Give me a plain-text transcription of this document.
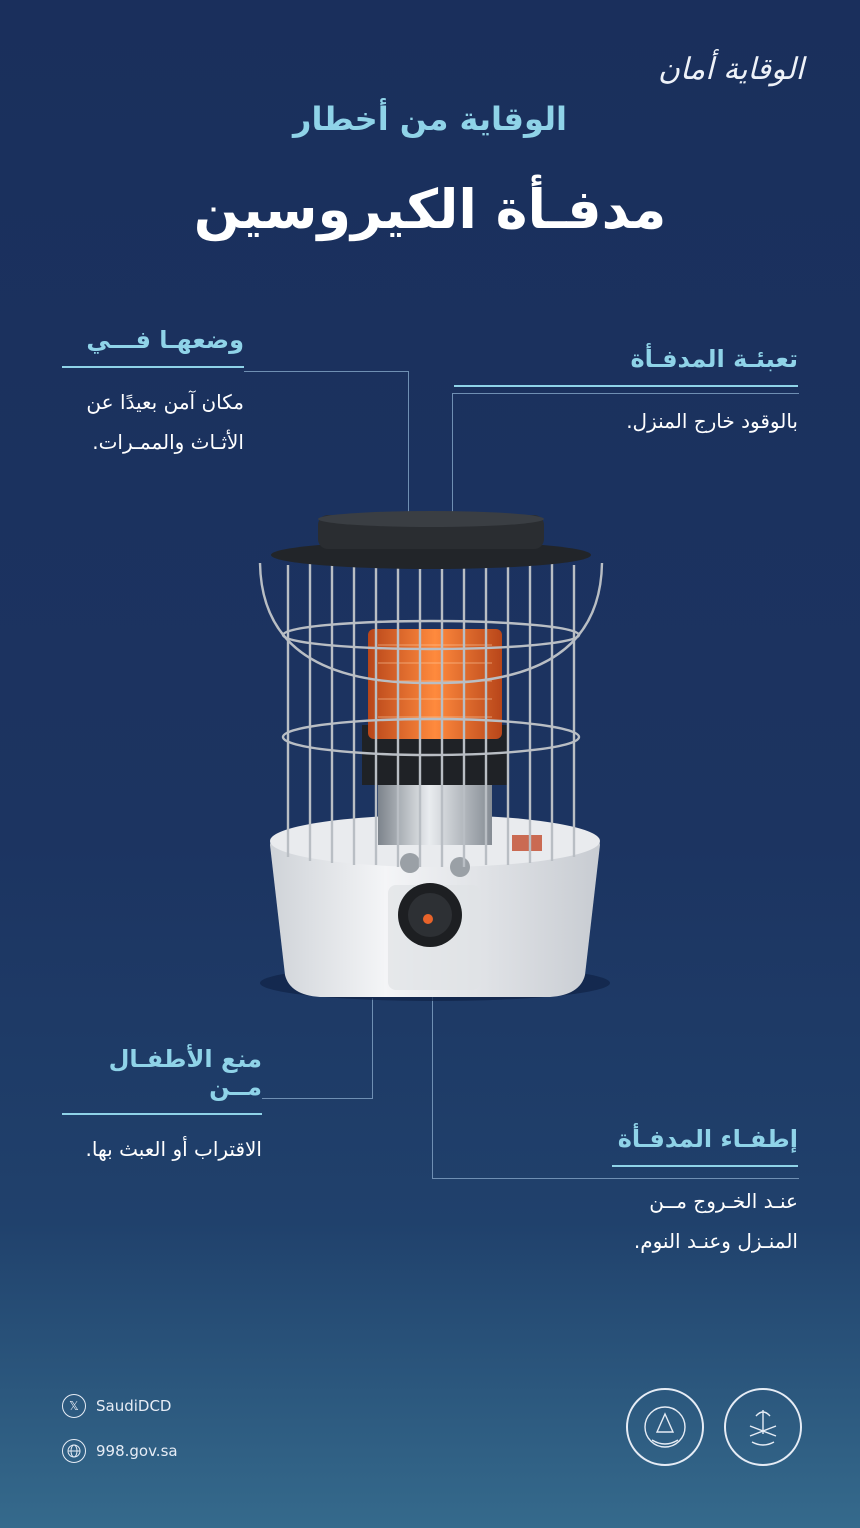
الوقاية أمان
الوقاية من أخطار
مدفـأة الكيروسين
تعبئـة المدفـأة
بالوقود خارج المنزل.
وضعهـا فـــي
مكان آمن بعيدًا عن
الأثـاث والممـرات.
منع الأطفـال مــن
الاقتراب أو العبث بها.	إطفـاء المدفـأة
عنـد الخـروج مــن
المنـزل وعنـد النوم.
𝕏	SaudiDCD
998.gov.sa
